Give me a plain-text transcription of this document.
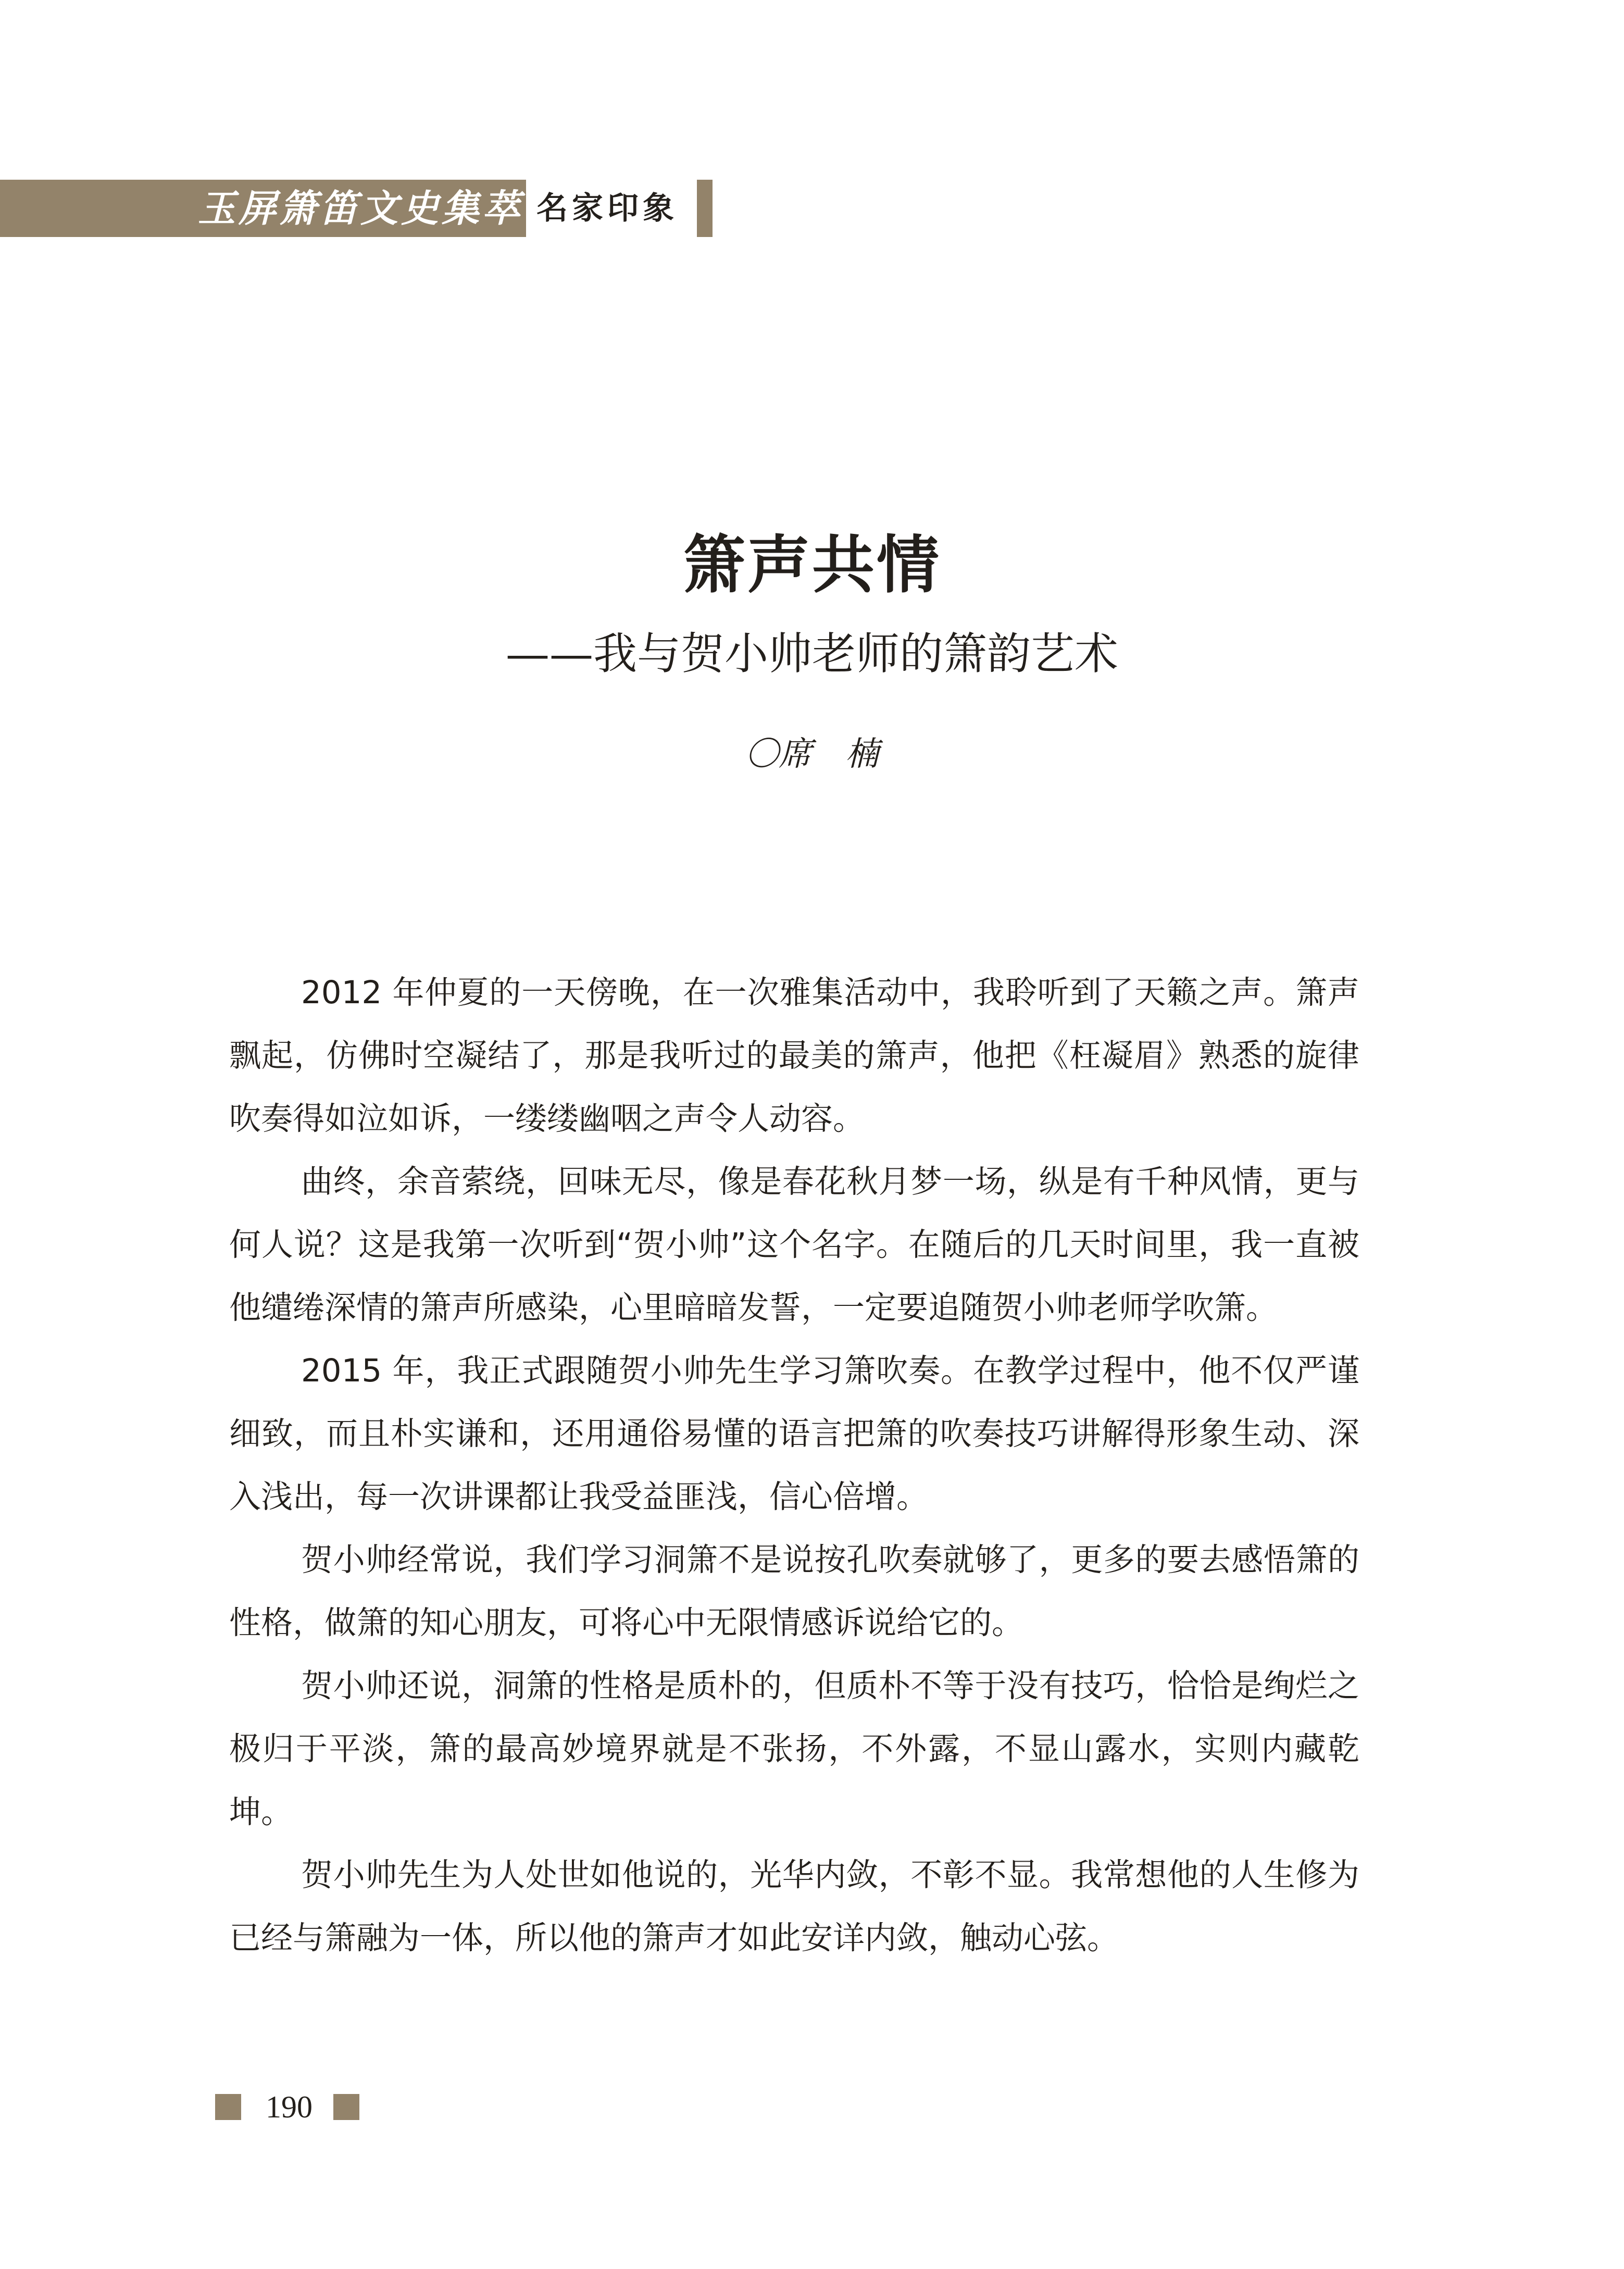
玉屏箫笛文史集萃 名家印象
箫声共情
——我与贺小帅老师的箫韵艺术
〇席　楠

2012 年仲夏的一天傍晚，在一次雅集活动中，我聆听到了天籁之声。箫声飘起，仿佛时空凝结了，那是我听过的最美的箫声，他把《枉凝眉》熟悉的旋律吹奏得如泣如诉，一缕缕幽咽之声令人动容。

曲终，余音萦绕，回味无尽，像是春花秋月梦一场，纵是有千种风情，更与何人说？这是我第一次听到“贺小帅”这个名字。在随后的几天时间里，我一直被他缱绻深情的箫声所感染，心里暗暗发誓，一定要追随贺小帅老师学吹箫。

2015 年，我正式跟随贺小帅先生学习箫吹奏。在教学过程中，他不仅严谨细致，而且朴实谦和，还用通俗易懂的语言把箫的吹奏技巧讲解得形象生动、深入浅出，每一次讲课都让我受益匪浅，信心倍增。

贺小帅经常说，我们学习洞箫不是说按孔吹奏就够了，更多的要去感悟箫的性格，做箫的知心朋友，可将心中无限情感诉说给它的。

贺小帅还说，洞箫的性格是质朴的，但质朴不等于没有技巧，恰恰是绚烂之极归于平淡，箫的最高妙境界就是不张扬，不外露，不显山露水，实则内藏乾坤。

贺小帅先生为人处世如他说的，光华内敛，不彰不显。我常想他的人生修为已经与箫融为一体，所以他的箫声才如此安详内敛，触动心弦。

190
